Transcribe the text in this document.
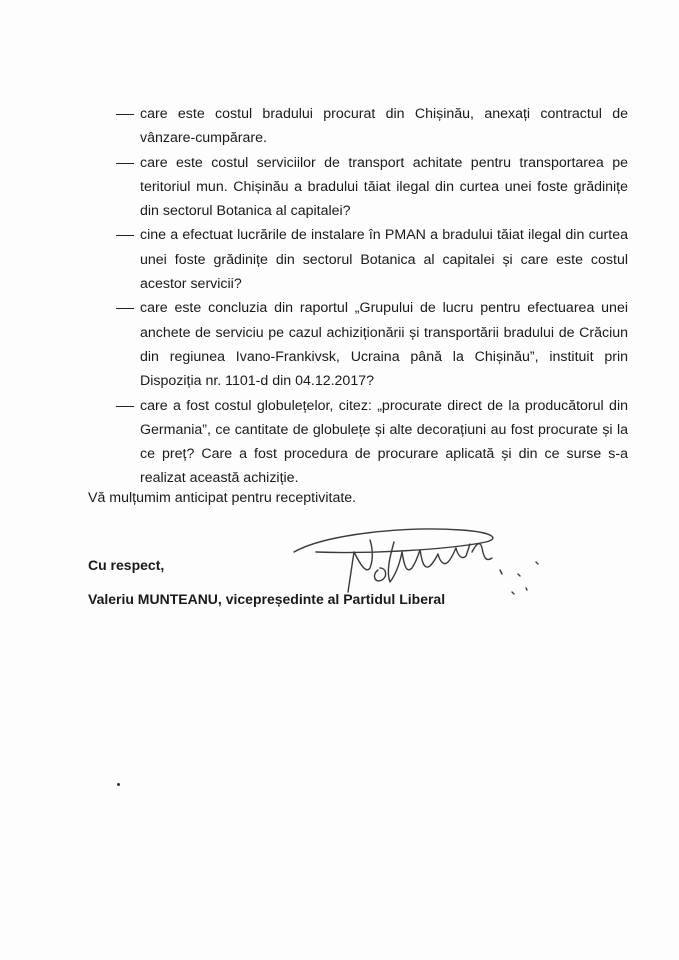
care este costul bradului procurat din Chișinău, anexați contractul de vânzare-cumpărare.
care este costul serviciilor de transport achitate pentru transportarea pe teritoriul mun. Chișinău a bradului tăiat ilegal din curtea unei foste grădinițe din sectorul Botanica al capitalei?
cine a efectuat lucrările de instalare în PMAN a bradului tăiat ilegal din curtea unei foste grădinițe din sectorul Botanica al capitalei și care este costul acestor servicii?
care este concluzia din raportul „Grupului de lucru pentru efectuarea unei anchete de serviciu pe cazul achiziționării și transportării bradului de Crăciun din regiunea Ivano-Frankivsk, Ucraina până la Chișinău”, instituit prin Dispoziția nr. 1101-d din 04.12.2017?
care a fost costul globulețelor, citez: „procurate direct de la producătorul din Germania”, ce cantitate de globulețe și alte decorațiuni au fost procurate și la ce preț? Care a fost procedura de procurare aplicată și din ce surse s-a realizat această achiziție.
Vă mulțumim anticipat pentru receptivitate.
Cu respect,
Valeriu MUNTEANU, vicepreședinte al Partidul Liberal
